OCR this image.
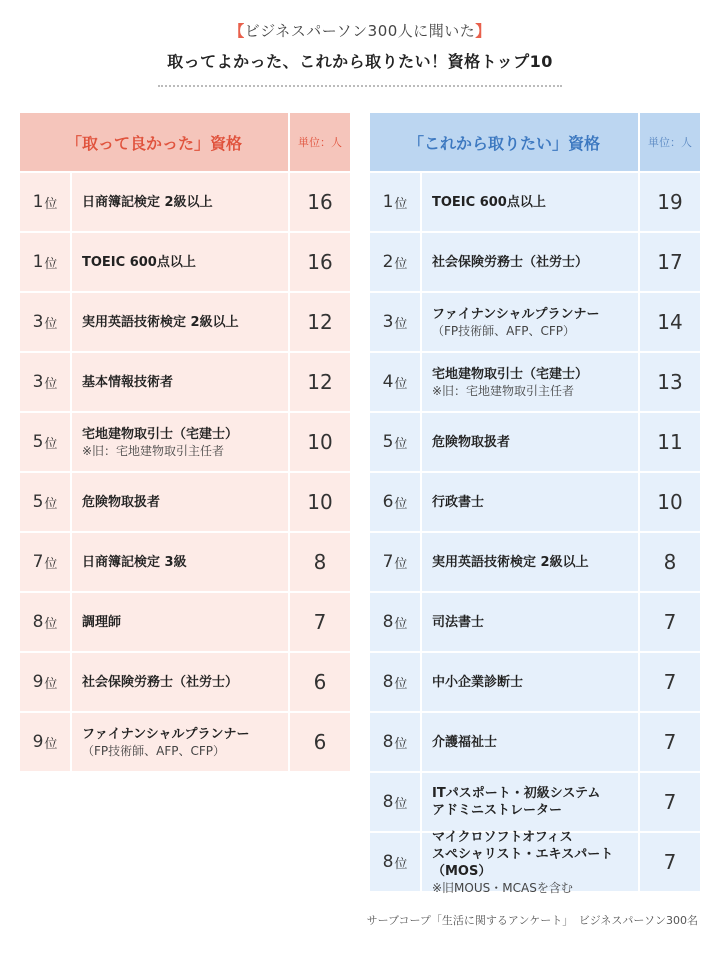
【ビジネスパーソン300人に聞いた】
取ってよかった、これから取りたい！資格トップ10
「取って良かった」資格	単位：人
1 位 日商簿記検定 2級以上	16
1 位 TOEIC 600点以上	16
3 位 実用英語技術検定 2級以上	12
3 位 基本情報技術者	12
5 位
宅地建物取引士（宅建士）
※旧：宅地建物取引主任者	10
5 位 危険物取扱者	10
7 位 日商簿記検定 3級	8
8 位 調理師	7
9 位 社会保険労務士（社労士）	6
9 位
ファイナンシャルプランナー
（FP技術師、AFP、CFP）	6
「これから取りたい」資格	単位：人
1 位 TOEIC 600点以上	19
2 位 社会保険労務士（社労士）	17
3 位
ファイナンシャルプランナー
（FP技術師、AFP、CFP）	14
4 位
宅地建物取引士（宅建士）
※旧：宅地建物取引主任者	13
5 位 危険物取扱者	11
6 位 行政書士	10
7 位 実用英語技術検定 2級以上	8
8 位 司法書士	7
8 位 中小企業診断士	7
8 位 介護福祉士	7
8 位
ITパスポート・初級システム
アドミニストレーター	7
8 位
マイクロソフトオフィス
スペシャリスト・エキスパート（MOS）
※旧MOUS・MCASを含む
7
サーブコープ「生活に関するアンケート」　ビジネスパーソン300名
